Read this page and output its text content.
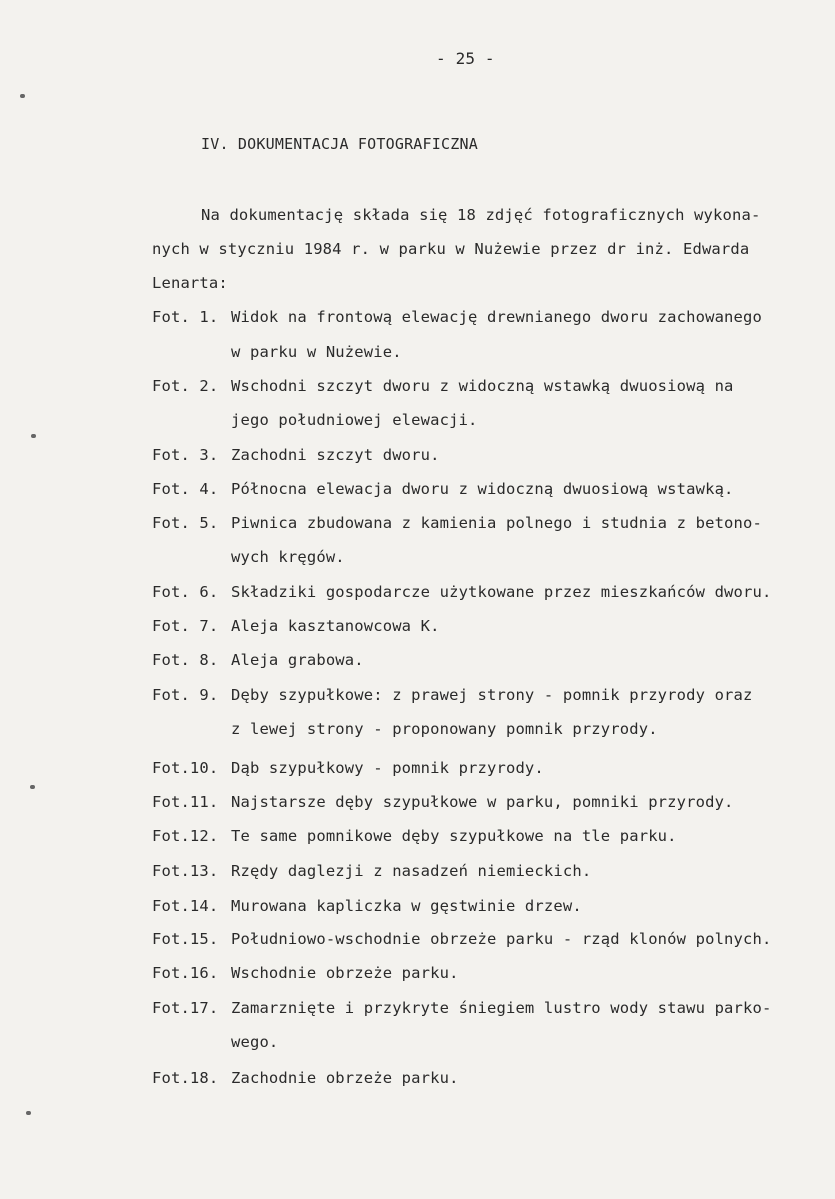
- 25 -
IV. DOKUMENTACJA FOTOGRAFICZNA
Na dokumentację składa się 18 zdjęć fotograficznych wykona-
nych w styczniu 1984 r. w parku w Nużewie przez dr inż. Edwarda
Lenarta:
Fot. 1. Widok na frontową elewację drewnianego dworu zachowanego
w parku w Nużewie.
Fot. 2. Wschodni szczyt dworu z widoczną wstawką dwuosiową na
jego południowej elewacji.
Fot. 3. Zachodni szczyt dworu.
Fot. 4. Północna elewacja dworu z widoczną dwuosiową wstawką.
Fot. 5. Piwnica zbudowana z kamienia polnego i studnia z betono-
wych kręgów.
Fot. 6. Składziki gospodarcze użytkowane przez mieszkańców dworu.
Fot. 7. Aleja kasztanowcowa K.
Fot. 8. Aleja grabowa.
Fot. 9. Dęby szypułkowe: z prawej strony - pomnik przyrody oraz
z lewej strony - proponowany pomnik przyrody.
Fot.10. Dąb szypułkowy - pomnik przyrody.
Fot.11. Najstarsze dęby szypułkowe w parku, pomniki przyrody.
Fot.12. Te same pomnikowe dęby szypułkowe na tle parku.
Fot.13. Rzędy daglezji z nasadzeń niemieckich.
Fot.14. Murowana kapliczka w gęstwinie drzew.
Fot.15. Południowo-wschodnie obrzeże parku - rząd klonów polnych.
Fot.16. Wschodnie obrzeże parku.
Fot.17. Zamarznięte i przykryte śniegiem lustro wody stawu parko-
wego.
Fot.18. Zachodnie obrzeże parku.
